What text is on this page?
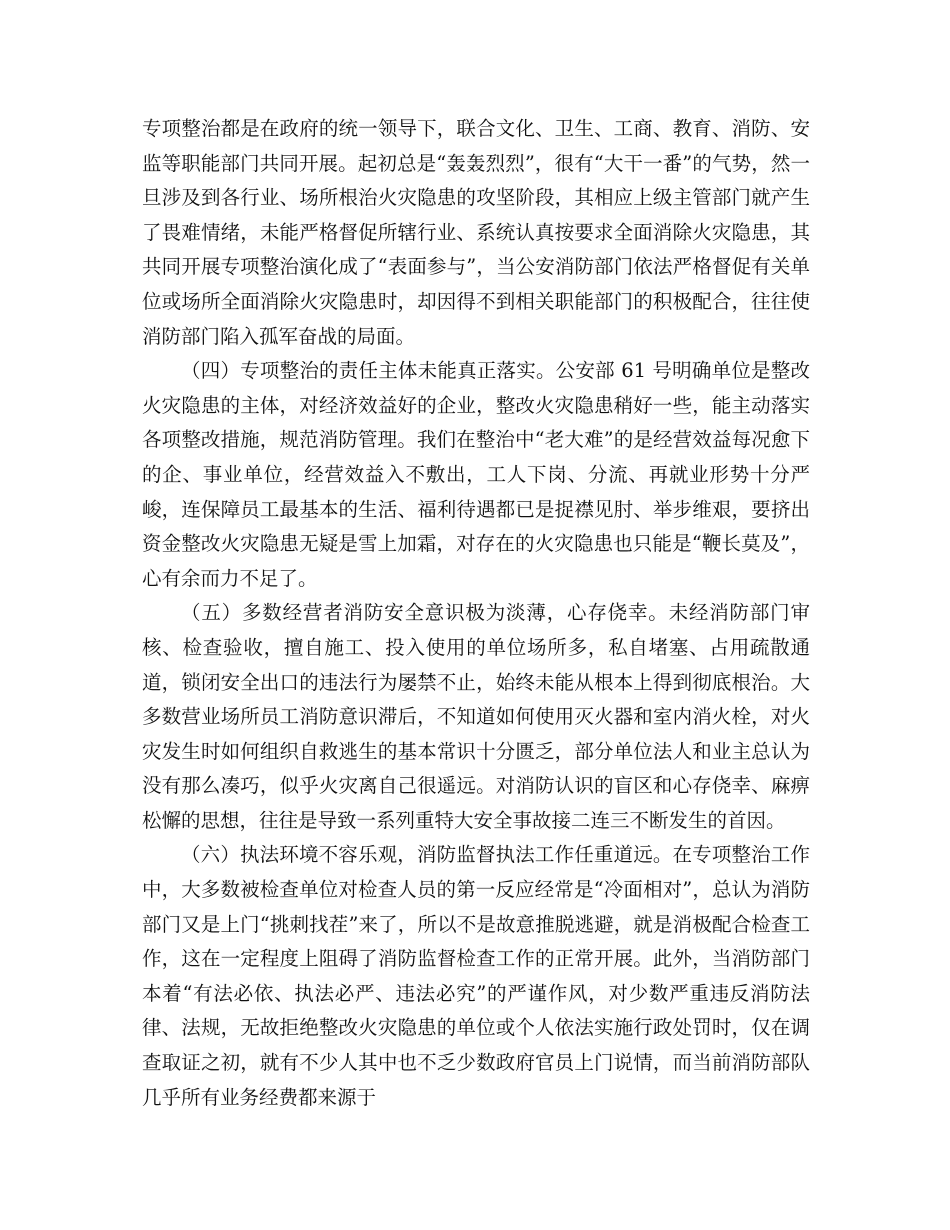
专项整治都是在政府的统一领导下，联合文化、卫生、工商、教育、消防、安监等职能部门共同开展。起初总是“轰轰烈烈”，很有“大干一番”的气势，然一旦涉及到各行业、场所根治火灾隐患的攻坚阶段，其相应上级主管部门就产生了畏难情绪，未能严格督促所辖行业、系统认真按要求全面消除火灾隐患，其共同开展专项整治演化成了“表面参与”，当公安消防部门依法严格督促有关单位或场所全面消除火灾隐患时，却因得不到相关职能部门的积极配合，往往使消防部门陷入孤军奋战的局面。

（四）专项整治的责任主体未能真正落实。公安部 61 号明确单位是整改火灾隐患的主体，对经济效益好的企业，整改火灾隐患稍好一些，能主动落实各项整改措施，规范消防管理。我们在整治中“老大难”的是经营效益每况愈下的企、事业单位，经营效益入不敷出，工人下岗、分流、再就业形势十分严峻，连保障员工最基本的生活、福利待遇都已是捉襟见肘、举步维艰，要挤出资金整改火灾隐患无疑是雪上加霜，对存在的火灾隐患也只能是“鞭长莫及”，心有余而力不足了。

（五）多数经营者消防安全意识极为淡薄，心存侥幸。未经消防部门审核、检查验收，擅自施工、投入使用的单位场所多，私自堵塞、占用疏散通道，锁闭安全出口的违法行为屡禁不止，始终未能从根本上得到彻底根治。大多数营业场所员工消防意识滞后，不知道如何使用灭火器和室内消火栓，对火灾发生时如何组织自救逃生的基本常识十分匮乏，部分单位法人和业主总认为没有那么凑巧，似乎火灾离自己很遥远。对消防认识的盲区和心存侥幸、麻痹松懈的思想，往往是导致一系列重特大安全事故接二连三不断发生的首因。

（六）执法环境不容乐观，消防监督执法工作任重道远。在专项整治工作中，大多数被检查单位对检查人员的第一反应经常是“冷面相对”，总认为消防部门又是上门“挑刺找茬”来了，所以不是故意推脱逃避，就是消极配合检查工作，这在一定程度上阻碍了消防监督检查工作的正常开展。此外，当消防部门本着“有法必依、执法必严、违法必究”的严谨作风，对少数严重违反消防法律、法规，无故拒绝整改火灾隐患的单位或个人依法实施行政处罚时，仅在调查取证之初，就有不少人其中也不乏少数政府官员上门说情，而当前消防部队几乎所有业务经费都来源于
